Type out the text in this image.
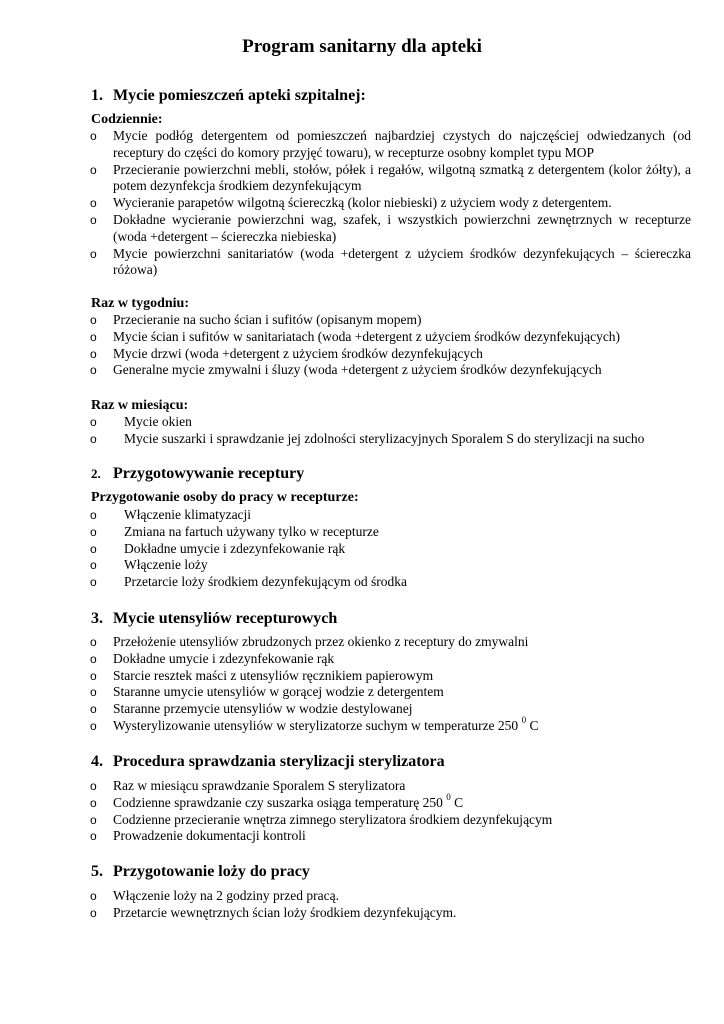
Program sanitarny dla apteki
1. Mycie pomieszczeń apteki szpitalnej:
Codziennie:
o Mycie podłóg detergentem od pomieszczeń najbardziej czystych do najczęściej odwiedzanych (od receptury do części do komory przyjęć towaru), w recepturze osobny komplet typu MOP
o Przecieranie powierzchni mebli, stołów, półek i regałów, wilgotną szmatką z detergentem (kolor żółty), a potem dezynfekcja środkiem dezynfekującym
o Wycieranie parapetów wilgotną ściereczką (kolor niebieski) z użyciem wody z detergentem.
o Dokładne wycieranie powierzchni wag, szafek, i wszystkich powierzchni zewnętrznych w recepturze (woda +detergent – ściereczka niebieska)
o Mycie powierzchni sanitariatów (woda +detergent z użyciem środków dezynfekujących – ściereczka różowa)
Raz w tygodniu:
o Przecieranie na sucho ścian i sufitów (opisanym mopem)
o Mycie ścian i sufitów w sanitariatach (woda +detergent z użyciem środków dezynfekujących)
o Mycie drzwi (woda +detergent z użyciem środków dezynfekujących
o Generalne mycie zmywalni i śluzy (woda +detergent z użyciem środków dezynfekujących
Raz w miesiącu:
o Mycie okien
o Mycie suszarki i sprawdzanie jej zdolności sterylizacyjnych Sporalem S do sterylizacji na sucho
2. Przygotowywanie receptury
Przygotowanie osoby do pracy w recepturze:
o Włączenie klimatyzacji
o Zmiana na fartuch używany tylko w recepturze
o Dokładne umycie i zdezynfekowanie rąk
o Włączenie loży
o Przetarcie loży środkiem dezynfekującym od środka
3. Mycie utensyliów recepturowych
o Przełożenie utensyliów zbrudzonych przez okienko z receptury do zmywalni
o Dokładne umycie i zdezynfekowanie rąk
o Starcie resztek maści z utensyliów ręcznikiem papierowym
o Staranne umycie utensyliów w gorącej wodzie z detergentem
o Staranne przemycie utensyliów w wodzie destylowanej
o Wysterylizowanie utensyliów w sterylizatorze suchym w temperaturze 250 $^0$ C
4. Procedura sprawdzania sterylizacji sterylizatora
o Raz w miesiącu sprawdzanie Sporalem S sterylizatora
o Codzienne sprawdzanie czy suszarka osiąga temperaturę 250 $^0$ C
o Codzienne przecieranie wnętrza zimnego sterylizatora środkiem dezynfekującym
o Prowadzenie dokumentacji kontroli
5. Przygotowanie loży do pracy
o Włączenie loży na 2 godziny przed pracą.
o Przetarcie wewnętrznych ścian loży środkiem dezynfekującym.
